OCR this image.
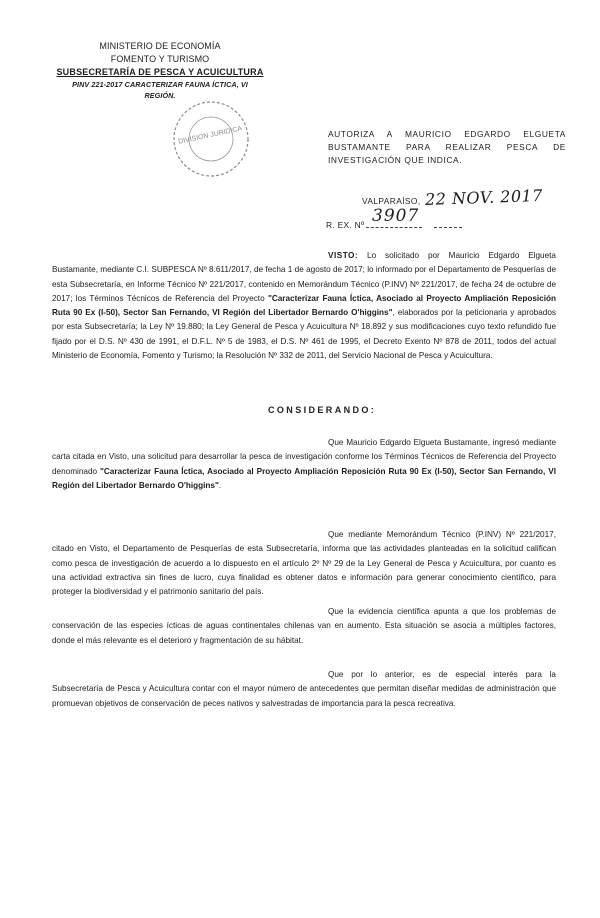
MINISTERIO DE ECONOMÍA
FOMENTO Y TURISMO
SUBSECRETARÍA DE PESCA Y ACUICULTURA
PINV 221-2017 CARACTERIZAR FAUNA ÍCTICA, VI
REGIÓN.
DIVISION JURIDICA	AUTORIZA A MAURICIO EDGARDO ELGUETA BUSTAMANTE PARA REALIZAR PESCA DE INVESTIGACIÓN QUE INDICA.
VALPARAÍSO, 22 NOV. 2017
3907
R. EX. Nº

VISTO: Lo solicitado por Mauricio Edgardo Elgueta Bustamante, mediante C.I. SUBPESCA Nº 8.611/2017, de fecha 1 de agosto de 2017; lo informado por el Departamento de Pesquerías de esta Subsecretaría, en Informe Técnico Nº 221/2017, contenido en Memorándum Técnico (P.INV) Nº 221/2017, de fecha 24 de octubre de 2017; los Términos Técnicos de Referencia del Proyecto "Caracterizar Fauna Íctica, Asociado al Proyecto Ampliación Reposición Ruta 90 Ex (I-50), Sector San Fernando, VI Región del Libertador Bernardo O'higgins", elaborados por la peticionaria y aprobados por esta Subsecretaría; la Ley Nº 19.880; la Ley General de Pesca y Acuicultura Nº 18.892 y sus modificaciones cuyo texto refundido fue fijado por el D.S. Nº 430 de 1991, el D.F.L. Nº 5 de 1983, el D.S. Nº 461 de 1995, el Decreto Exento Nº 878 de 2011, todos del actual Ministerio de Economía, Fomento y Turismo; la Resolución Nº 332 de 2011, del Servicio Nacional de Pesca y Acuicultura.

CONSIDERANDO:

Que Mauricio Edgardo Elgueta Bustamante, ingresó mediante carta citada en Visto, una solicitud para desarrollar la pesca de investigación conforme los Términos Técnicos de Referencia del Proyecto denominado "Caracterizar Fauna Íctica, Asociado al Proyecto Ampliación Reposición Ruta 90 Ex (I-50), Sector San Fernando, VI Región del Libertador Bernardo O'higgins".

Que mediante Memorándum Técnico (P.INV) Nº 221/2017, citado en Visto, el Departamento de Pesquerías de esta Subsecretaría, informa que las actividades planteadas en la solicitud califican como pesca de investigación de acuerdo a lo dispuesto en el artículo 2º Nº 29 de la Ley General de Pesca y Acuicultura, por cuanto es una actividad extractiva sin fines de lucro, cuya finalidad es obtener datos e información para generar conocimiento científico, para proteger la biodiversidad y el patrimonio sanitario del país.

Que la evidencia científica apunta a que los problemas de conservación de las especies ícticas de aguas continentales chilenas van en aumento. Esta situación se asocia a múltiples factores, donde el más relevante es el deterioro y fragmentación de su hábitat.

Que por lo anterior, es de especial interés para la Subsecretaría de Pesca y Acuicultura contar con el mayor número de antecedentes que permitan diseñar medidas de administración que promuevan objetivos de conservación de peces nativos y salvestradas de importancia para la pesca recreativa.
